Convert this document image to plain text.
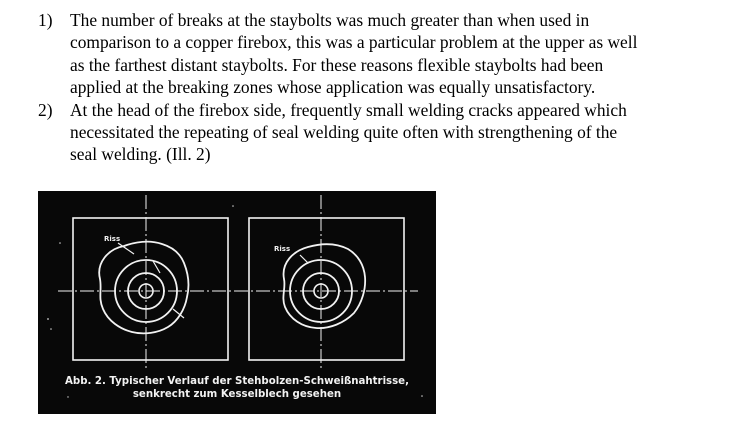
1) The number of breaks at the staybolts was much greater than when used in
comparison to a copper firebox, this was a particular problem at the upper as well
as the farthest distant staybolts. For these reasons flexible staybolts had been
applied at the breaking zones whose application was equally unsatisfactory.
2) At the head of the firebox side, frequently small welding cracks appeared which
necessitated the repeating of seal welding quite often with strengthening of the
seal welding. (Ill. 2)
Riss
Riss
Abb. 2. Typischer Verlauf der Stehbolzen-Schweißnahtrisse,
senkrecht zum Kesselblech gesehen
